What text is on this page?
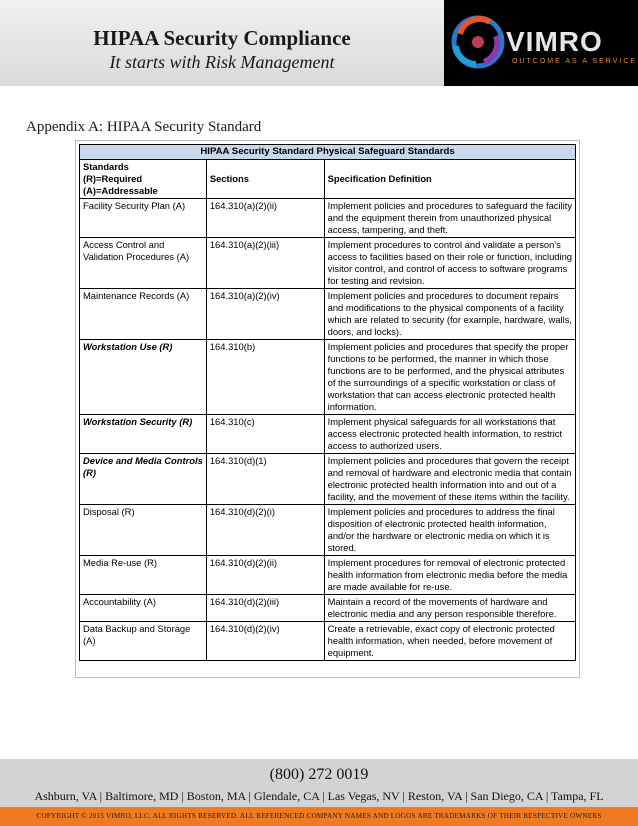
HIPAA Security Compliance
It starts with Risk Management
VIMRO
OUTCOME AS A SERVICE
Appendix A: HIPAA Security Standard
HIPAA Security Standard Physical Safeguard Standards		

Standards
(R)=Required
(A)=Addressable	Sections	Specification Definition
Facility Security Plan (A)	164.310(a)(2)(ii)	Implement policies and procedures to safeguard the facility and the equipment therein from unauthorized physical access, tampering, and theft.
Access Control and Validation Procedures (A)	164.310(a)(2)(iii)	Implement procedures to control and validate a person's access to facilities based on their role or function, including visitor control, and control of access to software programs for testing and revision.
Maintenance Records (A)	164.310(a)(2)(iv)	Implement policies and procedures to document repairs and modifications to the physical components of a facility which are related to security (for example, hardware, walls, doors, and locks).
Workstation Use (R)	164.310(b)	Implement policies and procedures that specify the proper functions to be performed, the manner in which those functions are to be performed, and the physical attributes of the surroundings of a specific workstation or class of workstation that can access electronic protected health information.
Workstation Security (R)	164.310(c)	Implement physical safeguards for all workstations that access electronic protected health information, to restrict access to authorized users.
Device and Media Controls (R)	164.310(d)(1)	Implement policies and procedures that govern the receipt and removal of hardware and electronic media that contain electronic protected health information into and out of a facility, and the movement of these items within the facility.
Disposal (R)	164.310(d)(2)(i)	Implement policies and procedures to address the final disposition of electronic protected health information, and/or the hardware or electronic media on which it is stored.
Media Re-use (R)	164.310(d)(2)(ii)	Implement procedures for removal of electronic protected health information from electronic media before the media are made available for re-use.
Accountability (A)	164.310(d)(2)(iii)	Maintain a record of the movements of hardware and electronic media and any person responsible therefore.
Data Backup and Storage (A)	164.310(d)(2)(iv)	Create a retrievable, exact copy of electronic protected health information, when needed, before movement of equipment.
(800) 272 0019
Ashburn, VA | Baltimore, MD | Boston, MA | Glendale, CA | Las Vegas, NV | Reston, VA | San Diego, CA | Tampa, FL
COPYRIGHT © 2015 VIMRO, LLC. ALL RIGHTS RESERVED. ALL REFERENCED COMPANY NAMES AND LOGOS ARE TRADEMARKS OF THEIR RESPECTIVE OWNERS
